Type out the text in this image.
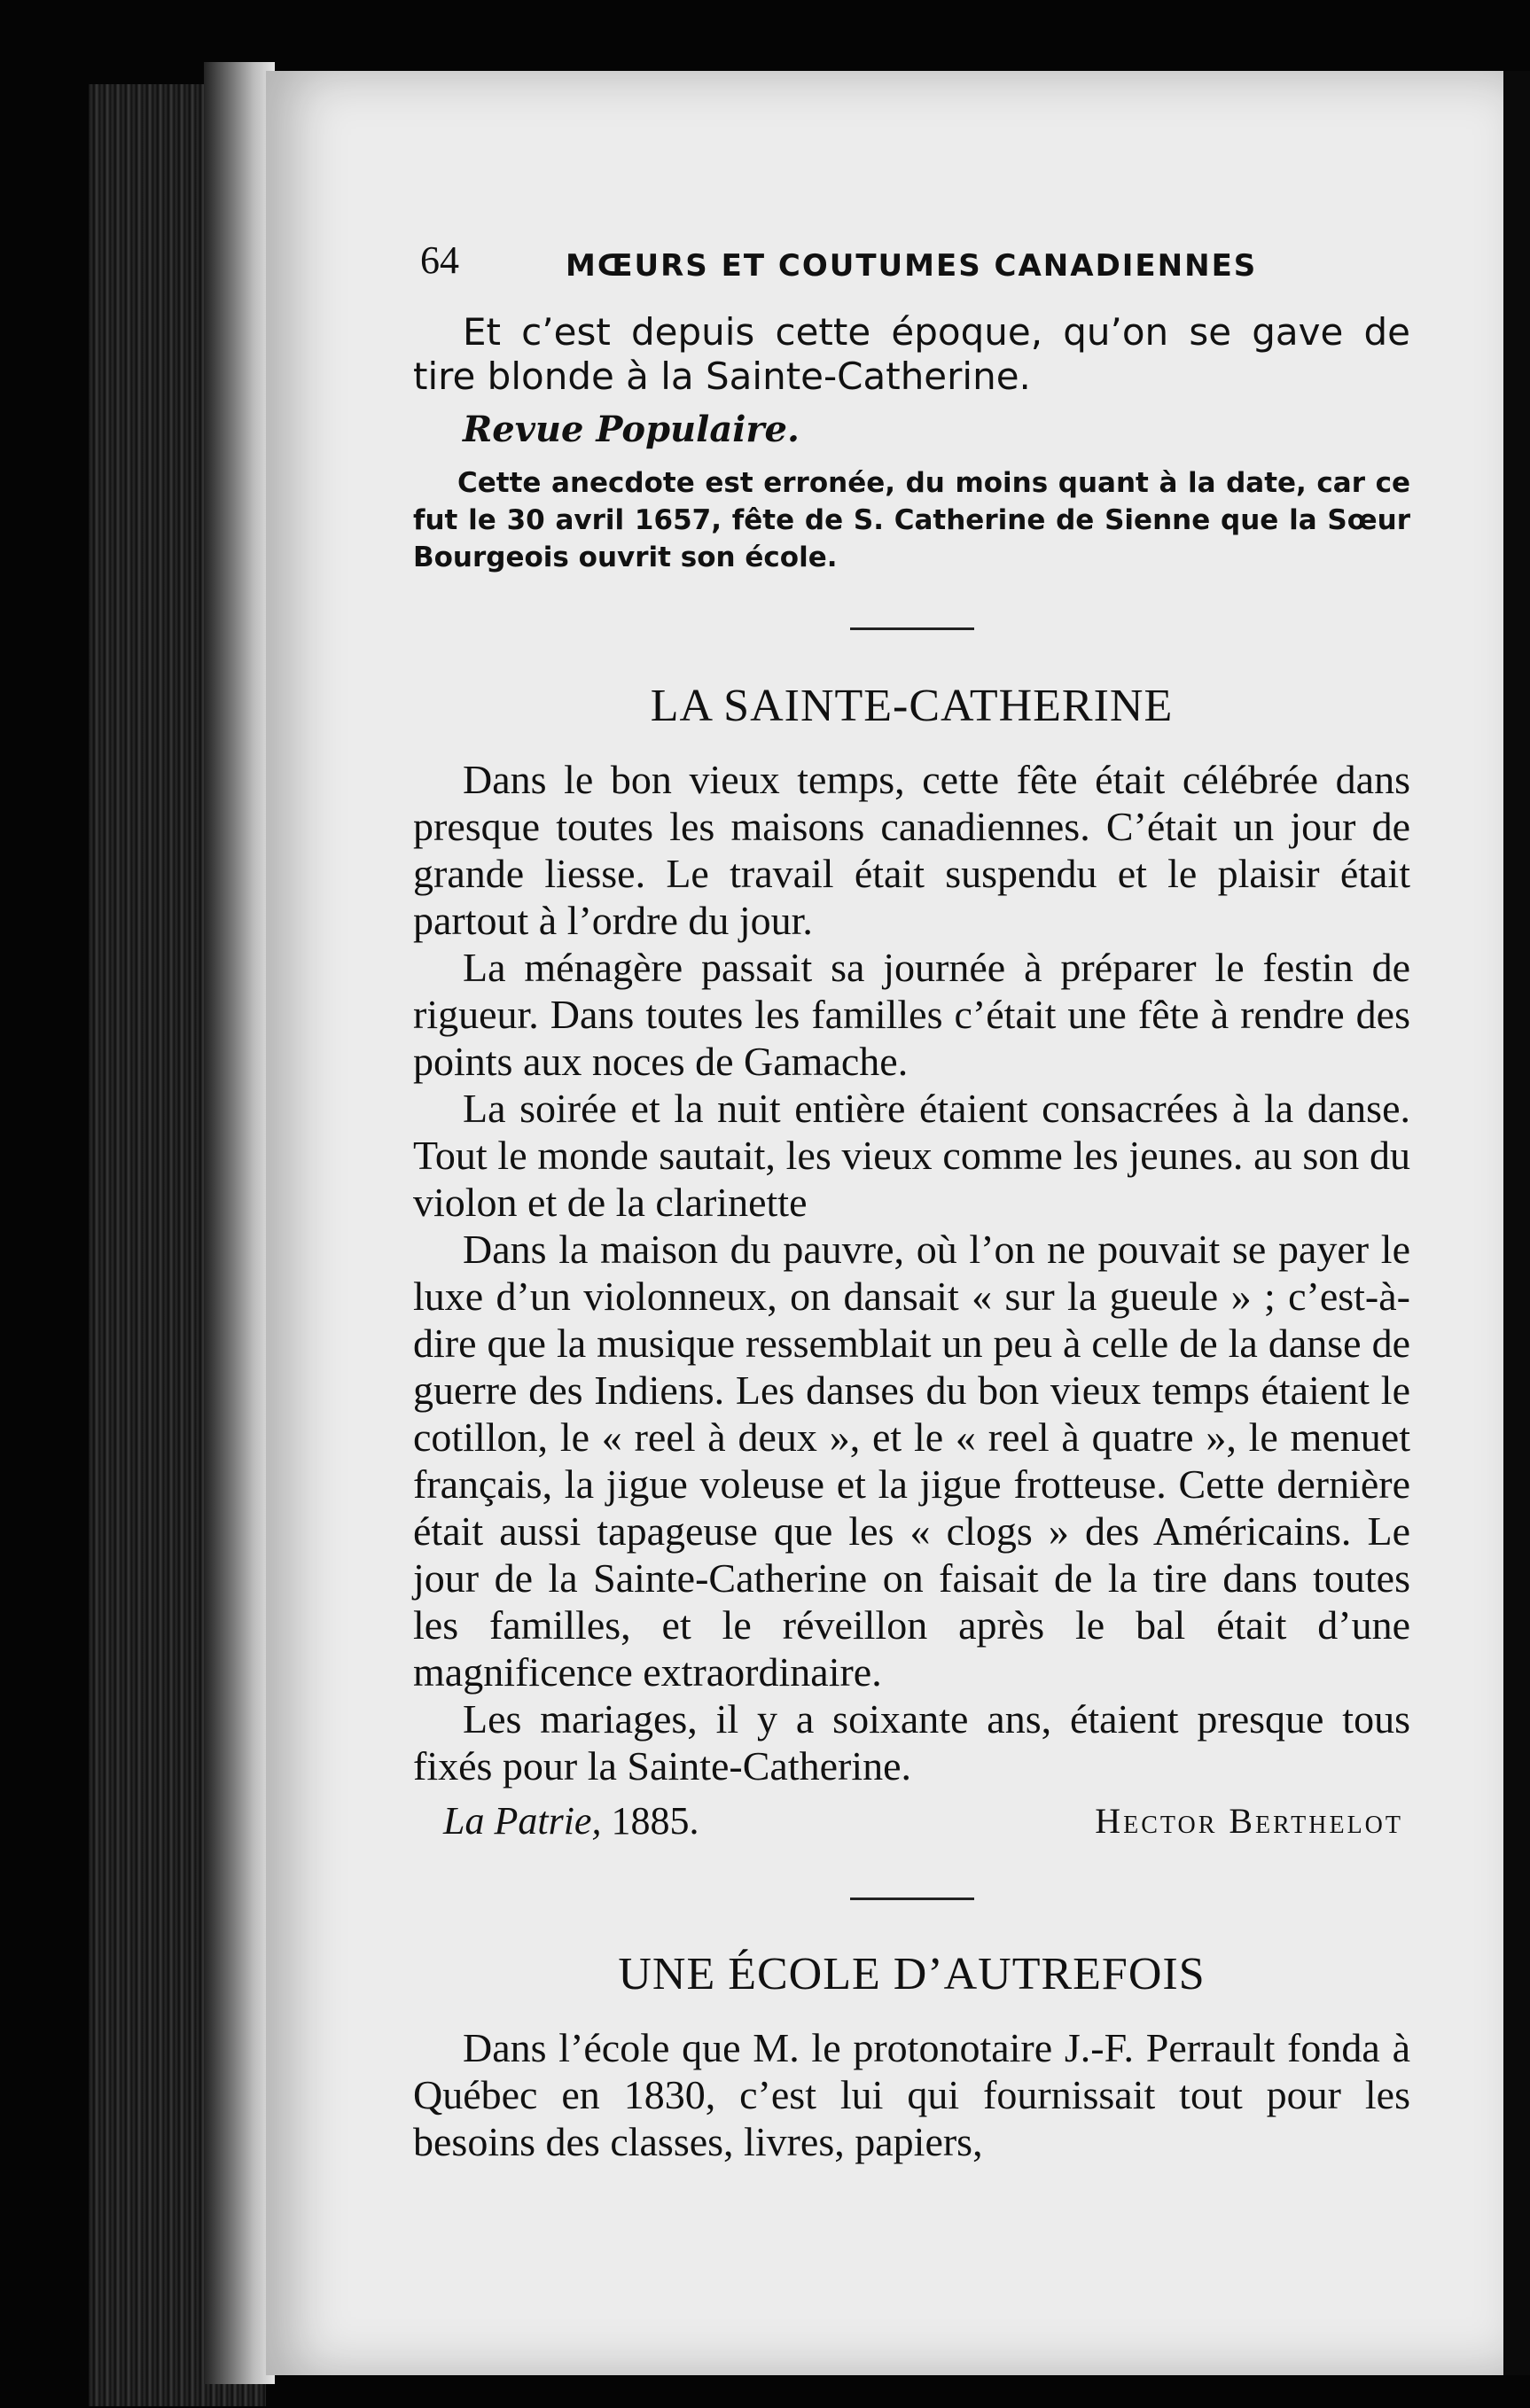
64	MŒURS ET COUTUMES CANADIENNES

Et c’est depuis cette époque, qu’on se gave de tire blonde à la Sainte-Catherine.

Revue Populaire.

Cette anecdote est erronée, du moins quant à la date, car ce fut le 30 avril 1657, fête de S. Catherine de Sienne que la Sœur Bourgeois ouvrit son école.

LA SAINTE-CATHERINE

Dans le bon vieux temps, cette fête était célébrée dans presque toutes les maisons canadiennes. C’était un jour de grande liesse. Le travail était suspendu et le plaisir était partout à l’ordre du jour.

La ménagère passait sa journée à préparer le festin de rigueur. Dans toutes les familles c’était une fête à rendre des points aux noces de Gamache.

La soirée et la nuit entière étaient consacrées à la danse. Tout le monde sautait, les vieux comme les jeunes. au son du violon et de la clarinette

Dans la maison du pauvre, où l’on ne pouvait se payer le luxe d’un violonneux, on dansait « sur la gueule » ; c’est-à-dire que la musique ressemblait un peu à celle de la danse de guerre des Indiens. Les danses du bon vieux temps étaient le cotillon, le « reel à deux », et le « reel à quatre », le menuet français, la jigue voleuse et la jigue frotteuse. Cette dernière était aussi tapageuse que les « clogs » des Américains. Le jour de la Sainte-Catherine on faisait de la tire dans toutes les familles, et le réveillon après le bal était d’une magnificence extraordinaire.

Les mariages, il y a soixante ans, étaient presque tous fixés pour la Sainte-Catherine.

La Patrie, 1885.	Hector Berthelot
UNE ÉCOLE D’AUTREFOIS

Dans l’école que M. le protonotaire J.-F. Perrault fonda à Québec en 1830, c’est lui qui fournissait tout pour les besoins des classes, livres, papiers,
